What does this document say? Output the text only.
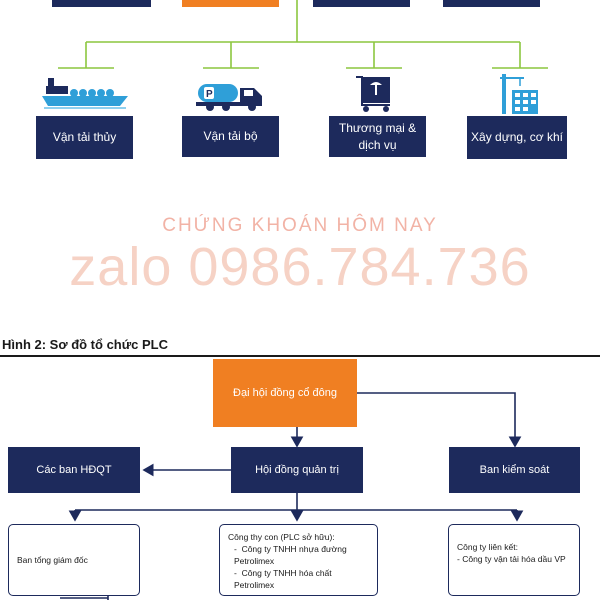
P
Vận tải thủy	Vận tải bộ
Thương mại & dịch vụ
Xây dựng, cơ khí
CHỨNG KHOÁN HÔM NAY
zalo 0986.784.736
Hình 2: Sơ đồ tổ chức PLC
Đại hội đồng cổ đông
Các ban HĐQT	Hội đồng quản trị	Ban kiểm soát
Ban tổng giám đốc
Công thy con (PLC sở hữu):
-  Công ty TNHH nhựa đường Petrolimex
-  Công ty TNHH hóa chất Petrolimex
Công ty liên kết:
- Công ty vận tải hóa dầu VP
